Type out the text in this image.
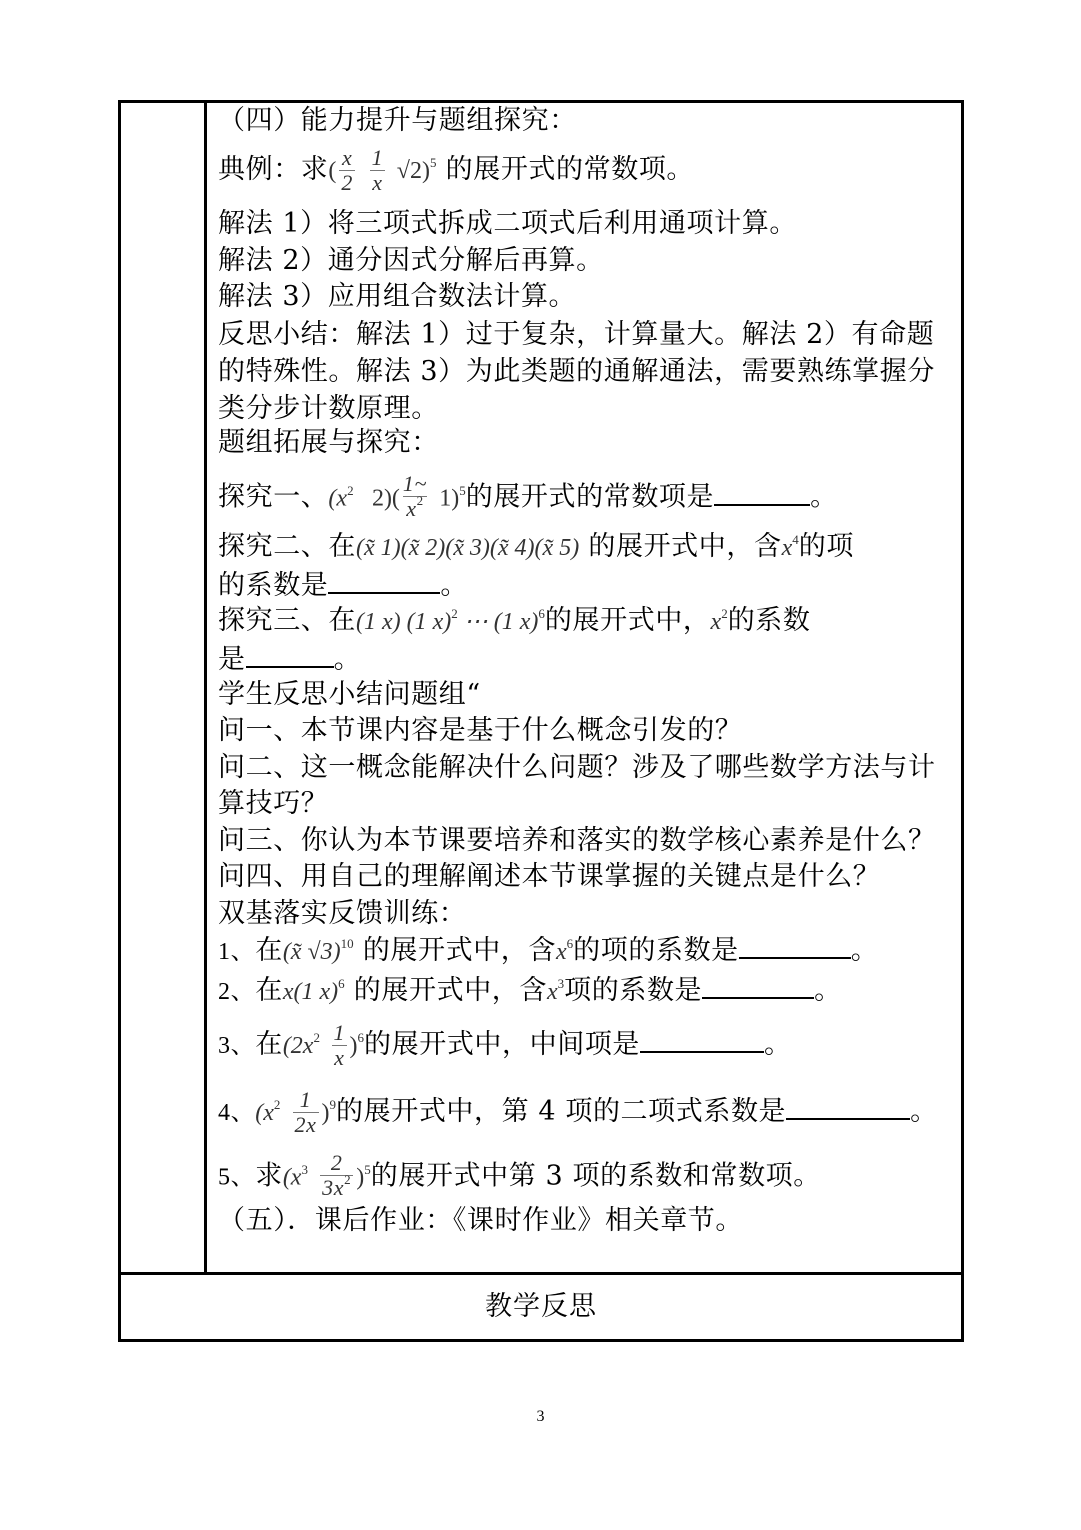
（四）能力提升与题组探究：
典例：求( $\frac{x}{2}$
$\frac{1}{x} √2)^5$ 的展开式的常数项。
解法 1）将三项式拆成二项式后利用通项计算。
解法 2）通分因式分解后再算。
解法 3）应用组合数法计算。
反思小结：解法 1）过于复杂，计算量大。解法 2）有命题的特殊性。解法 3）为此类题的通解通法，需要熟练掌握分类分步计数原理。
题组拓展与探究：
探究一、($x^2$ $2)( \frac{1\sim}{x^2} 1)^5$的展开式的常数项是	。
探究二、在(x̃ 1)(x̃ 2)(x̃ 3)(x̃ 4)(x̃ 5) 的展开式中，含$x^4$的项
的系数是	。
探究三、在(1 x) (1 x)$^2$ ⋯ (1 x)$^6$的展开式中，$x^2$的系数
是	。
学生反思小结问题组“
问一、本节课内容是基于什么概念引发的？
问二、这一概念能解决什么问题？涉及了哪些数学方法与计
算技巧？
问三、你认为本节课要培养和落实的数学核心素养是什么？
问四、用自己的理解阐述本节课掌握的关键点是什么？
双基落实反馈训练：
1、在(x̃ √3)$^{10}$ 的展开式中，含$x^6$的项的系数是	。
2、在x(1 x)$^6$ 的展开式中，含$x^3$项的系数是	。
3、在$(2x^2 \frac{1}{x} )^6$的展开式中，中间项是	。
4、$(x^2 \frac{1}{2x} )^9$的展开式中，第 4 项的二项式系数是	。
5、求$(x^3 \frac{2}{3x^2} )^5$的展开式中第 3 项的系数和常数项。
（五）．课后作业：《课时作业》相关章节。
教学反思
3
